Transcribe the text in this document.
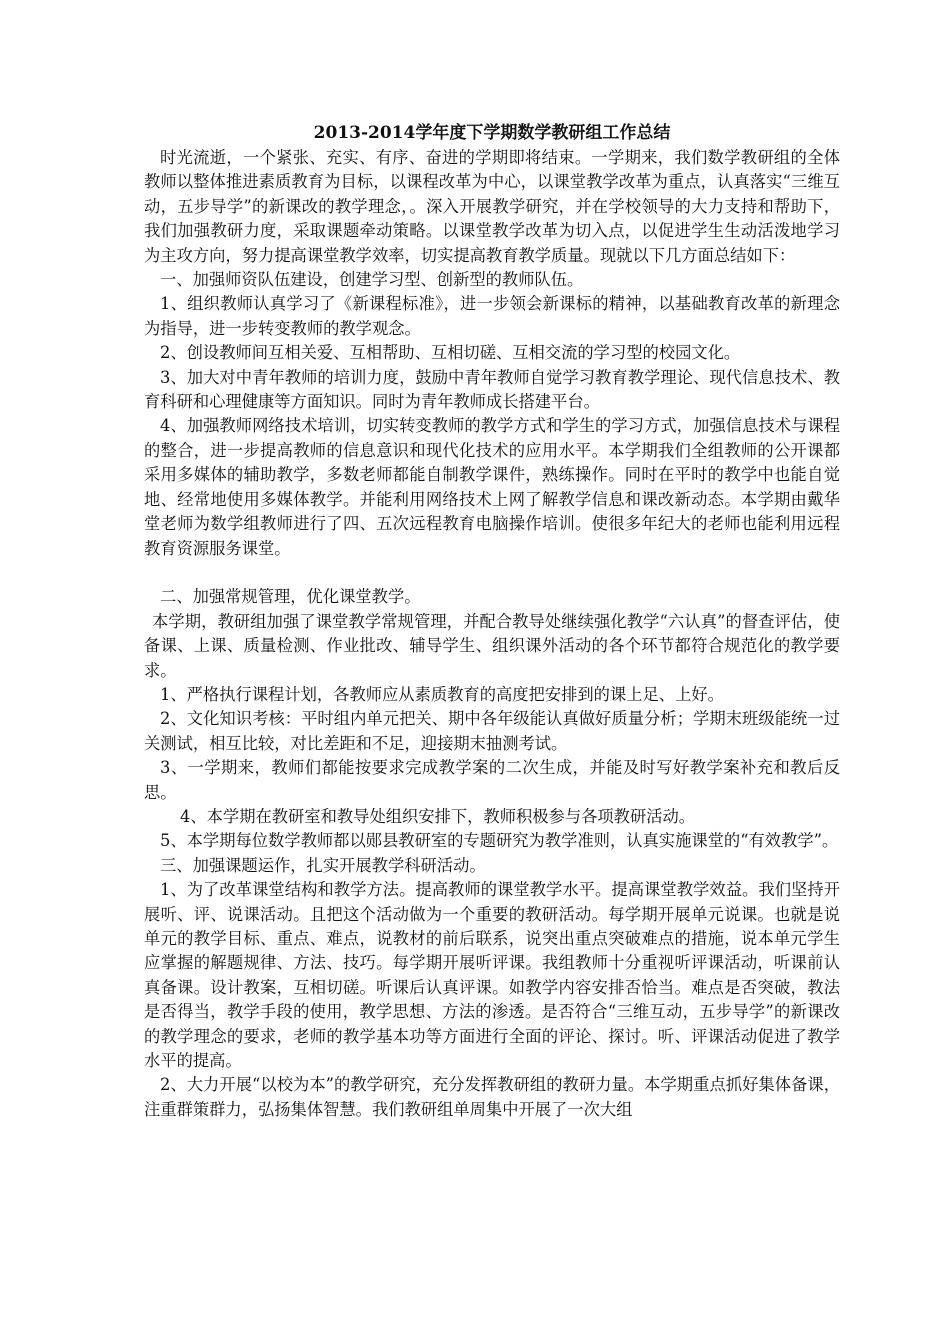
2013-2014学年度下学期数学教研组工作总结

时光流逝，一个紧张、充实、有序、奋进的学期即将结束。一学期来，我们数学教研组的全体教师以整体推进素质教育为目标，以课程改革为中心，以课堂教学改革为重点，认真落实“三维互动，五步导学”的新课改的教学理念，。深入开展教学研究，并在学校领导的大力支持和帮助下，我们加强教研力度，采取课题牵动策略。以课堂教学改革为切入点，以促进学生生动活泼地学习为主攻方向，努力提高课堂教学效率，切实提高教育教学质量。现就以下几方面总结如下：

一、加强师资队伍建设，创建学习型、创新型的教师队伍。

1、组织教师认真学习了《新课程标准》，进一步领会新课标的精神，以基础教育改革的新理念为指导，进一步转变教师的教学观念。

2、创设教师间互相关爱、互相帮助、互相切磋、互相交流的学习型的校园文化。

3、加大对中青年教师的培训力度，鼓励中青年教师自觉学习教育教学理论、现代信息技术、教育科研和心理健康等方面知识。同时为青年教师成长搭建平台。

4、加强教师网络技术培训，切实转变教师的教学方式和学生的学习方式，加强信息技术与课程的整合，进一步提高教师的信息意识和现代化技术的应用水平。本学期我们全组教师的公开课都采用多媒体的辅助教学，多数老师都能自制教学课件，熟练操作。同时在平时的教学中也能自觉地、经常地使用多媒体教学。并能利用网络技术上网了解教学信息和课改新动态。本学期由戴华堂老师为数学组教师进行了四、五次远程教育电脑操作培训。使很多年纪大的老师也能利用远程教育资源服务课堂。

二、加强常规管理，优化课堂教学。

本学期，教研组加强了课堂教学常规管理，并配合教导处继续强化教学“六认真”的督查评估，使备课、上课、质量检测、作业批改、辅导学生、组织课外活动的各个环节都符合规范化的教学要求。

1、严格执行课程计划，各教师应从素质教育的高度把安排到的课上足、上好。

2、文化知识考核：平时组内单元把关、期中各年级能认真做好质量分析；学期末班级能统一过关测试，相互比较，对比差距和不足，迎接期末抽测考试。

3、一学期来，教师们都能按要求完成教学案的二次生成，并能及时写好教学案补充和教后反思。

4、本学期在教研室和教导处组织安排下，教师积极参与各项教研活动。

5、本学期每位数学教师都以郧县教研室的专题研究为教学准则，认真实施课堂的“有效教学”。

三、加强课题运作，扎实开展教学科研活动。

1、为了改革课堂结构和教学方法。提高教师的课堂教学水平。提高课堂教学效益。我们坚持开展听、评、说课活动。且把这个活动做为一个重要的教研活动。每学期开展单元说课。也就是说单元的教学目标、重点、难点，说教材的前后联系，说突出重点突破难点的措施，说本单元学生应掌握的解题规律、方法、技巧。每学期开展听评课。我组教师十分重视听评课活动，听课前认真备课。设计教案，互相切磋。听课后认真评课。如教学内容安排否恰当。难点是否突破，教法是否得当，教学手段的使用，教学思想、方法的渗透。是否符合“三维互动，五步导学”的新课改的教学理念的要求，老师的教学基本功等方面进行全面的评论、探讨。听、评课活动促进了教学水平的提高。

2、大力开展“以校为本”的教学研究，充分发挥教研组的教研力量。本学期重点抓好集体备课，注重群策群力，弘扬集体智慧。我们教研组单周集中开展了一次大组
